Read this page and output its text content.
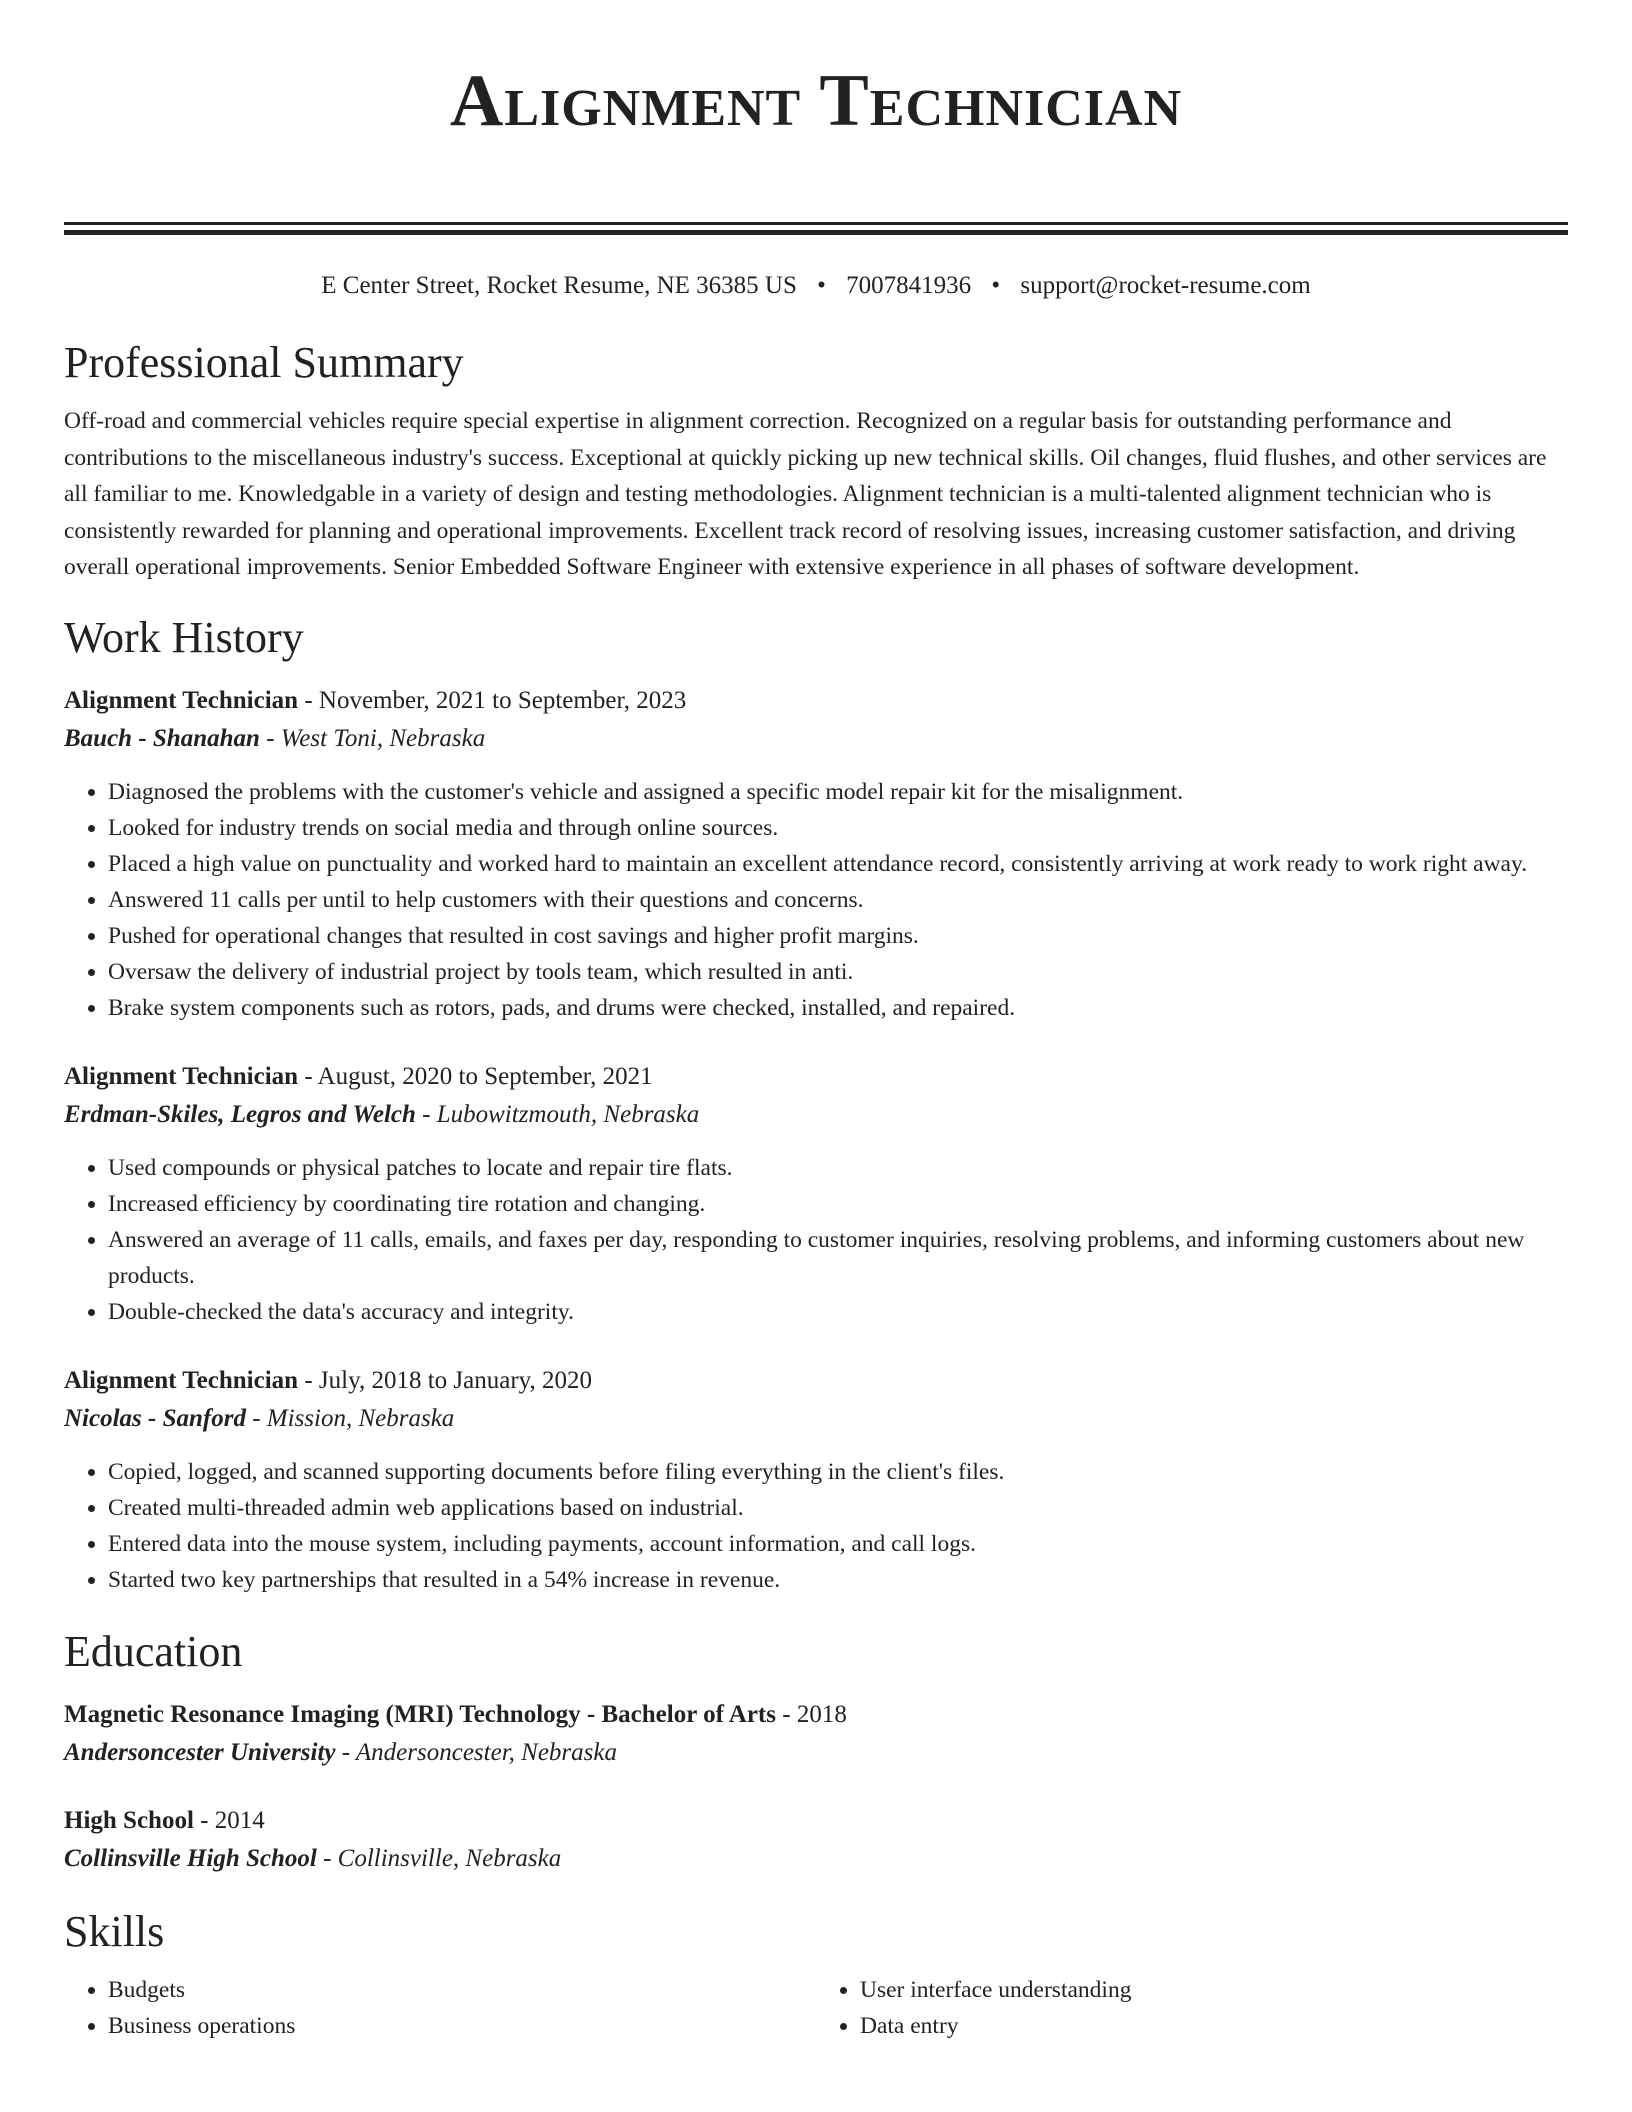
Alignment Technician
E Center Street, Rocket Resume, NE 36385 US • 7007841936 • support@rocket-resume.com
Professional Summary
Off-road and commercial vehicles require special expertise in alignment correction. Recognized on a regular basis for outstanding performance and contributions to the miscellaneous industry's success. Exceptional at quickly picking up new technical skills. Oil changes, fluid flushes, and other services are all familiar to me. Knowledgable in a variety of design and testing methodologies. Alignment technician is a multi-talented alignment technician who is consistently rewarded for planning and operational improvements. Excellent track record of resolving issues, increasing customer satisfaction, and driving overall operational improvements. Senior Embedded Software Engineer with extensive experience in all phases of software development.
Work History
Alignment Technician - November, 2021 to September, 2023
Bauch - Shanahan - West Toni, Nebraska
• Diagnosed the problems with the customer's vehicle and assigned a specific model repair kit for the misalignment.
• Looked for industry trends on social media and through online sources.
• Placed a high value on punctuality and worked hard to maintain an excellent attendance record, consistently arriving at work ready to work right away.
• Answered 11 calls per until to help customers with their questions and concerns.
• Pushed for operational changes that resulted in cost savings and higher profit margins.
• Oversaw the delivery of industrial project by tools team, which resulted in anti.
• Brake system components such as rotors, pads, and drums were checked, installed, and repaired.
Alignment Technician - August, 2020 to September, 2021
Erdman-Skiles, Legros and Welch - Lubowitzmouth, Nebraska
• Used compounds or physical patches to locate and repair tire flats.
• Increased efficiency by coordinating tire rotation and changing.
• Answered an average of 11 calls, emails, and faxes per day, responding to customer inquiries, resolving problems, and informing customers about new products.
• Double-checked the data's accuracy and integrity.
Alignment Technician - July, 2018 to January, 2020
Nicolas - Sanford - Mission, Nebraska
• Copied, logged, and scanned supporting documents before filing everything in the client's files.
• Created multi-threaded admin web applications based on industrial.
• Entered data into the mouse system, including payments, account information, and call logs.
• Started two key partnerships that resulted in a 54% increase in revenue.
Education
Magnetic Resonance Imaging (MRI) Technology - Bachelor of Arts - 2018
Andersoncester University - Andersoncester, Nebraska
High School - 2014
Collinsville High School - Collinsville, Nebraska
Skills
• Budgets
• Business operations
• User interface understanding
• Data entry
